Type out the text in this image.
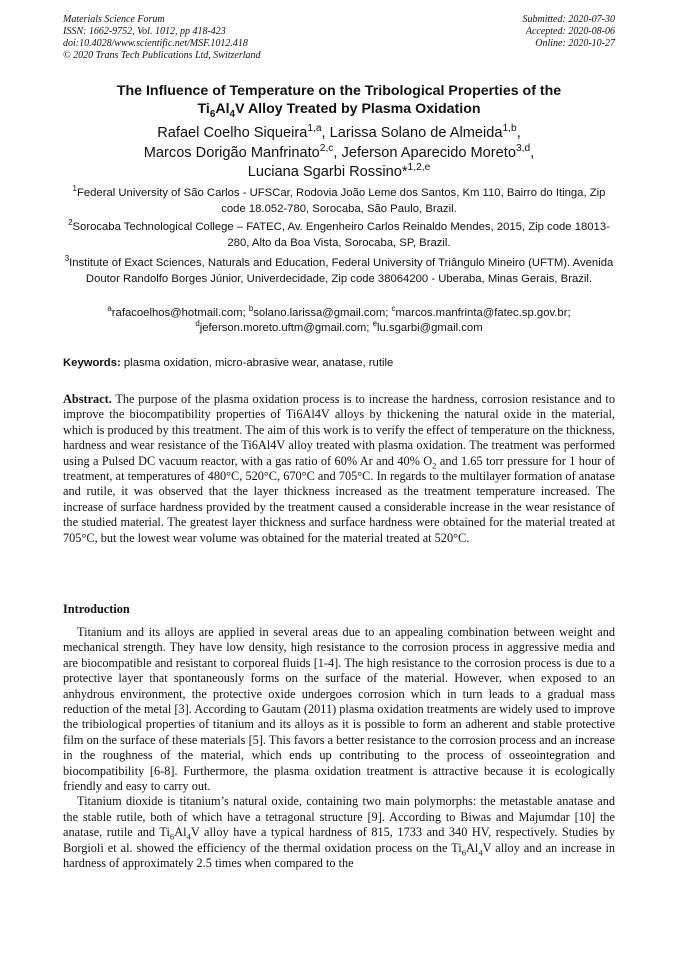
Materials Science Forum
ISSN: 1662-9752, Vol. 1012, pp 418-423
doi:10.4028/www.scientific.net/MSF.1012.418
© 2020 Trans Tech Publications Ltd, Switzerland
Submitted: 2020-07-30
Accepted: 2020-08-06
Online: 2020-10-27
The Influence of Temperature on the Tribological Properties of the
$Ti_6Al_4V$ Alloy Treated by Plasma Oxidation
Rafael Coelho Siqueira$^{1,a}$, Larissa Solano de Almeida$^{1,b}$,
Marcos Dorigão Manfrinato$^{2,c}$, Jeferson Aparecido Moreto$^{3,d}$,
Luciana Sgarbi Rossino*$^{1,2,e}$
$^1$Federal University of São Carlos - UFSCar, Rodovia João Leme dos Santos, Km 110, Bairro do Itinga, Zip code 18.052-780, Sorocaba, São Paulo, Brazil.
$^2$Sorocaba Technological College – FATEC, Av. Engenheiro Carlos Reinaldo Mendes, 2015, Zip code 18013-280, Alto da Boa Vista, Sorocaba, SP, Brazil.
$^3$Institute of Exact Sciences, Naturals and Education, Federal University of Triângulo Mineiro (UFTM). Avenida Doutor Randolfo Borges Júnior, Univerdecidade, Zip code 38064200 - Uberaba, Minas Gerais, Brazil.
$^a$rafacoelhos@hotmail.com; $^b$solano.larissa@gmail.com; $^c$marcos.manfrinta@fatec.sp.gov.br;
$^d$jeferson.moreto.uftm@gmail.com; $^e$lu.sgarbi@gmail.com
Keywords: plasma oxidation, micro-abrasive wear, anatase, rutile
Abstract. The purpose of the plasma oxidation process is to increase the hardness, corrosion resistance and to improve the biocompatibility properties of Ti6Al4V alloys by thickening the natural oxide in the material, which is produced by this treatment. The aim of this work is to verify the effect of temperature on the thickness, hardness and wear resistance of the Ti6Al4V alloy treated with plasma oxidation. The treatment was performed using a Pulsed DC vacuum reactor, with a gas ratio of 60% Ar and 40% $O_2$ and 1.65 torr pressure for 1 hour of treatment, at temperatures of 480°C, 520°C, 670°C and 705°C. In regards to the multilayer formation of anatase and rutile, it was observed that the layer thickness increased as the treatment temperature increased. The increase of surface hardness provided by the treatment caused a considerable increase in the wear resistance of the studied material. The greatest layer thickness and surface hardness were obtained for the material treated at 705°C, but the lowest wear volume was obtained for the material treated at 520°C.
Introduction

Titanium and its alloys are applied in several areas due to an appealing combination between weight and mechanical strength. They have low density, high resistance to the corrosion process in aggressive media and are biocompatible and resistant to corporeal fluids [1-4]. The high resistance to the corrosion process is due to a protective layer that spontaneously forms on the surface of the material. However, when exposed to an anhydrous environment, the protective oxide undergoes corrosion which in turn leads to a gradual mass reduction of the metal [3]. According to Gautam (2011) plasma oxidation treatments are widely used to improve the tribiological properties of titanium and its alloys as it is possible to form an adherent and stable protective film on the surface of these materials [5]. This favors a better resistance to the corrosion process and an increase in the roughness of the material, which ends up contributing to the process of osseointegration and biocompatibility [6-8]. Furthermore, the plasma oxidation treatment is attractive because it is ecologically friendly and easy to carry out.

Titanium dioxide is titanium’s natural oxide, containing two main polymorphs: the metastable anatase and the stable rutile, both of which have a tetragonal structure [9]. According to Biwas and Majumdar [10] the anatase, rutile and $Ti_6Al_4V$ alloy have a typical hardness of 815, 1733 and 340 HV, respectively. Studies by Borgioli et al. showed the efficiency of the thermal oxidation process on the $Ti_6Al_4V$ alloy and an increase in hardness of approximately 2.5 times when compared to the
